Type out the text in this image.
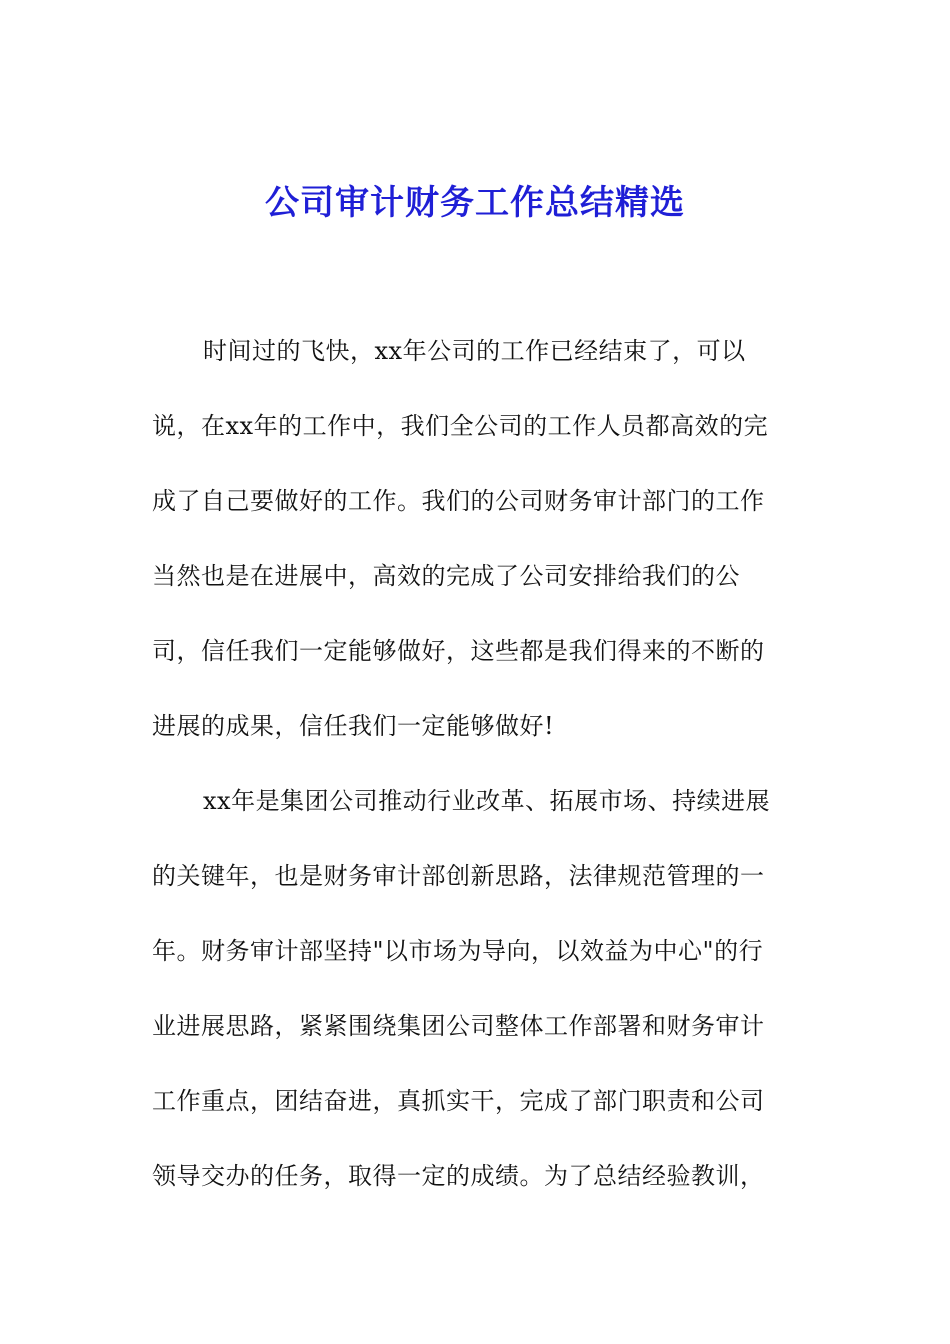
公司审计财务工作总结精选
时间过的飞快，xx年公司的工作已经结束了，可以
说，在xx年的工作中，我们全公司的工作人员都高效的完
成了自己要做好的工作。我们的公司财务审计部门的工作
当然也是在进展中，高效的完成了公司安排给我们的公
司，信任我们一定能够做好，这些都是我们得来的不断的
进展的成果，信任我们一定能够做好!
xx年是集团公司推动行业改革、拓展市场、持续进展
的关键年，也是财务审计部创新思路，法律规范管理的一
年。财务审计部坚持"以市场为导向，以效益为中心"的行
业进展思路，紧紧围绕集团公司整体工作部署和财务审计
工作重点，团结奋进，真抓实干，完成了部门职责和公司
领导交办的任务，取得一定的成绩。为了总结经验教训，
